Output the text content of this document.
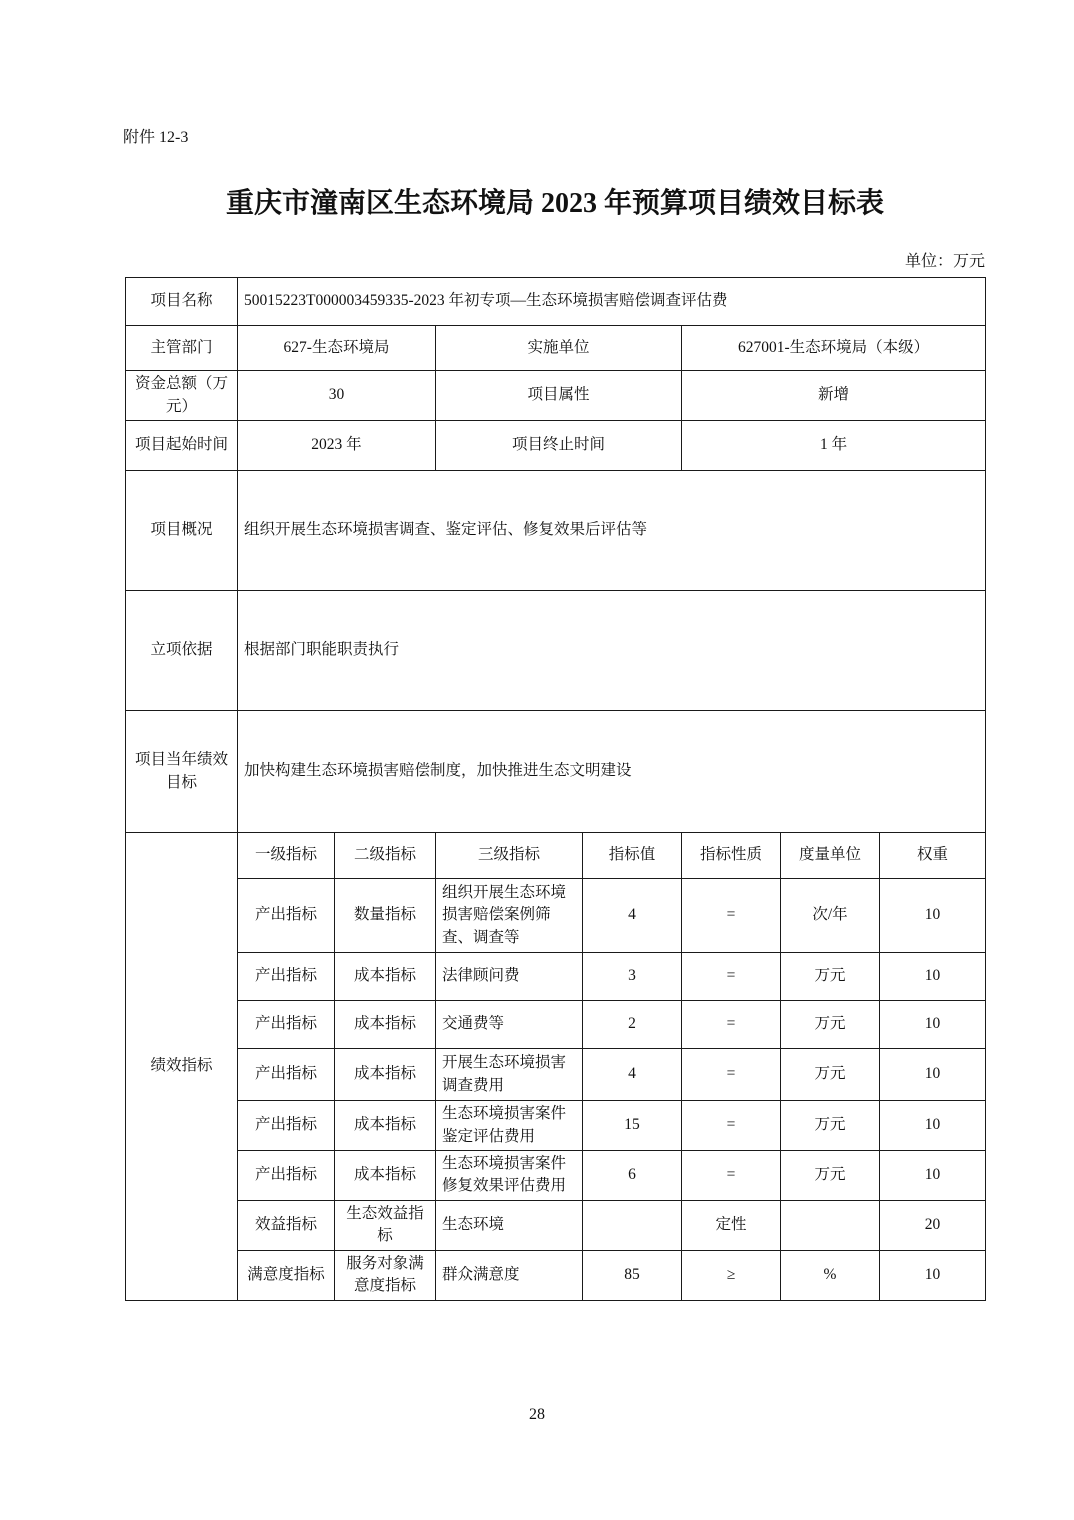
附件 12-3
重庆市潼南区生态环境局 2023 年预算项目绩效目标表
单位：万元
项目名称	50015223T000003459335-2023 年初专项—生态环境损害赔偿调查评估费						
主管部门	627-生态环境局		实施单位		627001-生态环境局（本级）		
资金总额（万元）	30		项目属性		新增		
项目起始时间	2023 年		项目终止时间		1 年		
项目概况	组织开展生态环境损害调查、鉴定评估、修复效果后评估等						
立项依据	根据部门职能职责执行						
项目当年绩效目标	加快构建生态环境损害赔偿制度，加快推进生态文明建设						
绩效指标	一级指标	二级指标	三级指标	指标值	指标性质	度量单位	权重
	产出指标	数量指标	组织开展生态环境损害赔偿案例筛查、调查等	4	=	次/年	10
	产出指标	成本指标	法律顾问费	3	=	万元	10
	产出指标	成本指标	交通费等	2	=	万元	10
	产出指标	成本指标	开展生态环境损害调查费用	4	=	万元	10
	产出指标	成本指标	生态环境损害案件鉴定评估费用	15	=	万元	10
	产出指标	成本指标	生态环境损害案件修复效果评估费用	6	=	万元	10
	效益指标	生态效益指标	生态环境		定性		20
	满意度指标	服务对象满意度指标	群众满意度	85	≥	%	10
28
